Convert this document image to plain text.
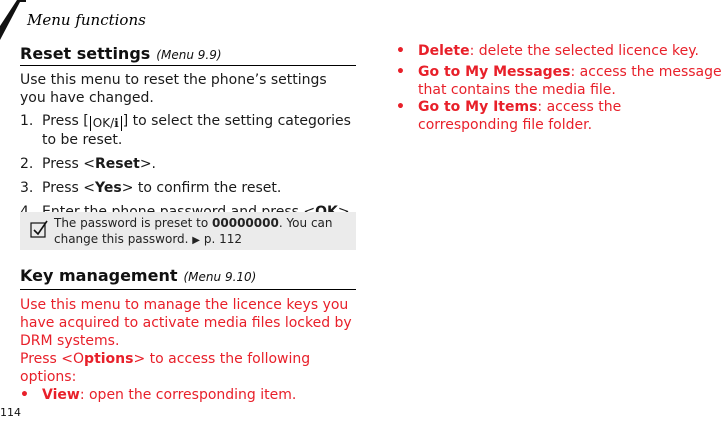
Menu functions
Reset settings (Menu 9.9)
Use this menu to reset the phone’s settings you have changed.
1. Press [ OK/ℹ ] to select the setting categories to be reset.
2. Press <Reset>.
3. Press <Yes> to confirm the reset.
The password is preset to 00000000. You can change this password. ▶ p. 112
Key management (Menu 9.10)
Use this menu to manage the licence keys you have acquired to activate media files locked by DRM systems.
Press <Options> to access the following options:
• View: open the corresponding item.
• Delete: delete the selected licence key.
• Go to My Messages: access the message that contains the media file.
• Go to My Items: access the corresponding file folder.
114
